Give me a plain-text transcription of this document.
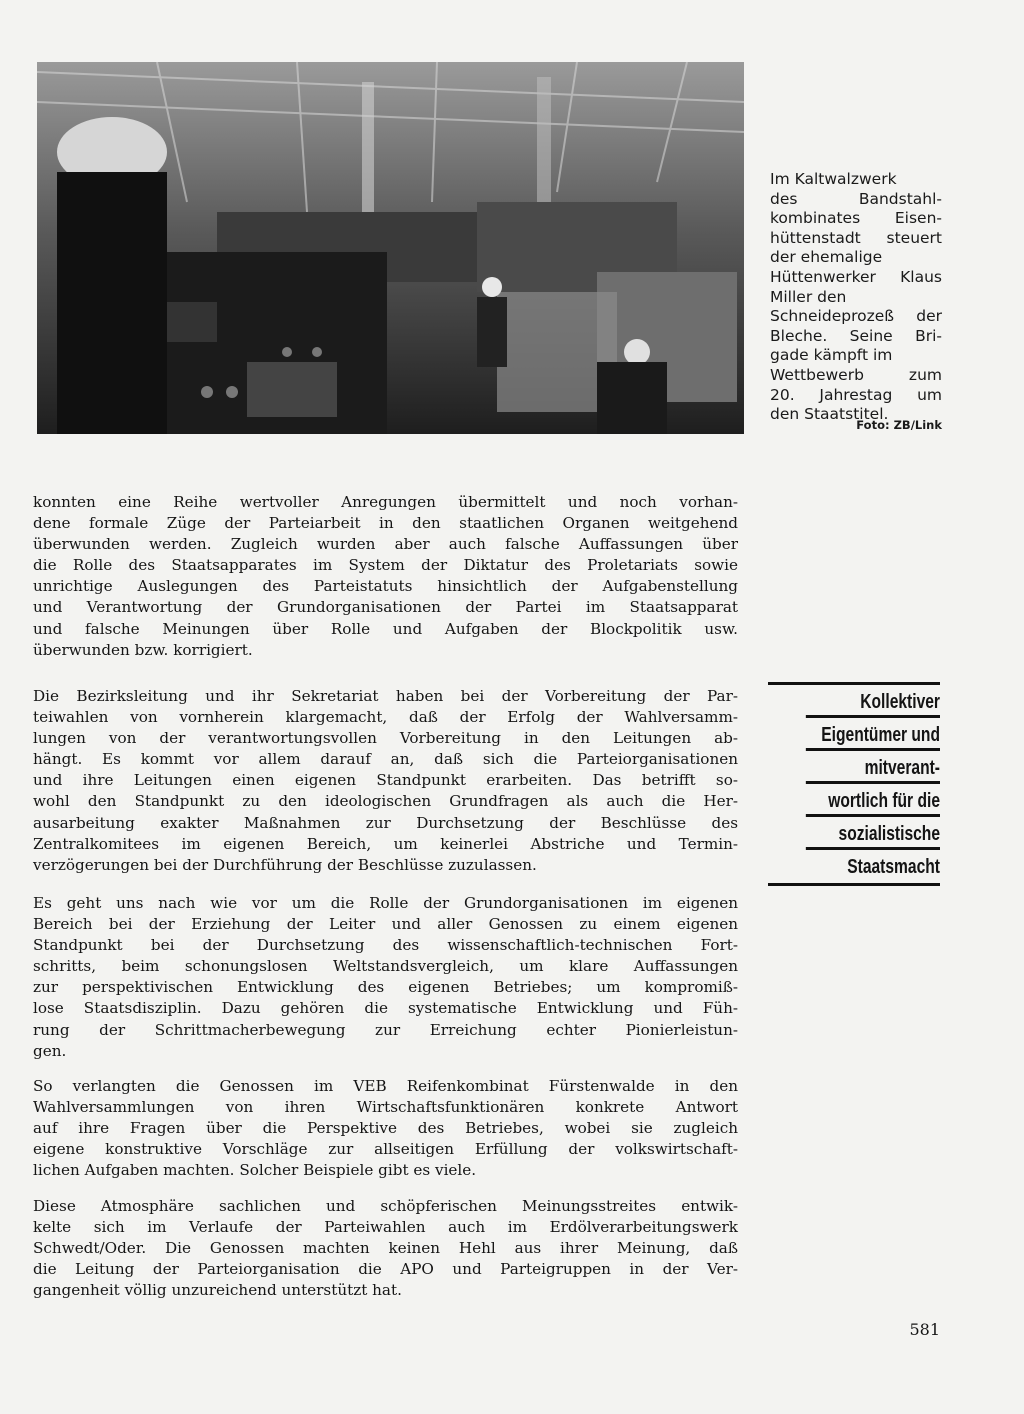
Im Kaltwalzwerk
des Bandstahl-
kombinates Eisen-
hüttenstadt steuert
der ehemalige
Hüttenwerker Klaus
Miller den
Schneideprozeß der
Bleche. Seine Bri-
gade kämpft im
Wettbewerb zum
20. Jahrestag um
den Staatstitel.
Foto: ZB/Link
konnten eine Reihe wertvoller Anregungen übermittelt und noch vorhan-
dene formale Züge der Parteiarbeit in den staatlichen Organen weitgehend
überwunden werden. Zugleich wurden aber auch falsche Auffassungen über
die Rolle des Staatsapparates im System der Diktatur des Proletariats sowie
unrichtige Auslegungen des Parteistatuts hinsichtlich der Aufgabenstellung
und Verantwortung der Grundorganisationen der Partei im Staatsapparat
und falsche Meinungen über Rolle und Aufgaben der Blockpolitik usw.
überwunden bzw. korrigiert.
Die Bezirksleitung und ihr Sekretariat haben bei der Vorbereitung der Par-
teiwahlen von vornherein klargemacht, daß der Erfolg der Wahlversamm-
lungen von der verantwortungsvollen Vorbereitung in den Leitungen ab-
hängt. Es kommt vor allem darauf an, daß sich die Parteiorganisationen
und ihre Leitungen einen eigenen Standpunkt erarbeiten. Das betrifft so-
wohl den Standpunkt zu den ideologischen Grundfragen als auch die Her-
ausarbeitung exakter Maßnahmen zur Durchsetzung der Beschlüsse des
Zentralkomitees im eigenen Bereich, um keinerlei Abstriche und Termin-
verzögerungen bei der Durchführung der Beschlüsse zuzulassen.
Es geht uns nach wie vor um die Rolle der Grundorganisationen im eigenen
Bereich bei der Erziehung der Leiter und aller Genossen zu einem eigenen
Standpunkt bei der Durchsetzung des wissenschaftlich-technischen Fort-
schritts, beim schonungslosen Weltstandsvergleich, um klare Auffassungen
zur perspektivischen Entwicklung des eigenen Betriebes; um kompromiß-
lose Staatsdisziplin. Dazu gehören die systematische Entwicklung und Füh-
rung der Schrittmacherbewegung zur Erreichung echter Pionierleistun-
gen.
So verlangten die Genossen im VEB Reifenkombinat Fürstenwalde in den
Wahlversammlungen von ihren Wirtschaftsfunktionären konkrete Antwort
auf ihre Fragen über die Perspektive des Betriebes, wobei sie zugleich
eigene konstruktive Vorschläge zur allseitigen Erfüllung der volkswirtschaft-
lichen Aufgaben machten. Solcher Beispiele gibt es viele.
Diese Atmosphäre sachlichen und schöpferischen Meinungsstreites entwik-
kelte sich im Verlaufe der Parteiwahlen auch im Erdölverarbeitungswerk
Schwedt/Oder. Die Genossen machten keinen Hehl aus ihrer Meinung, daß
die Leitung der Parteiorganisation die APO und Parteigruppen in der Ver-
gangenheit völlig unzureichend unterstützt hat.
Kollektiver
Eigentümer und
mitverant-
wortlich für die
sozialistische
Staatsmacht
581
